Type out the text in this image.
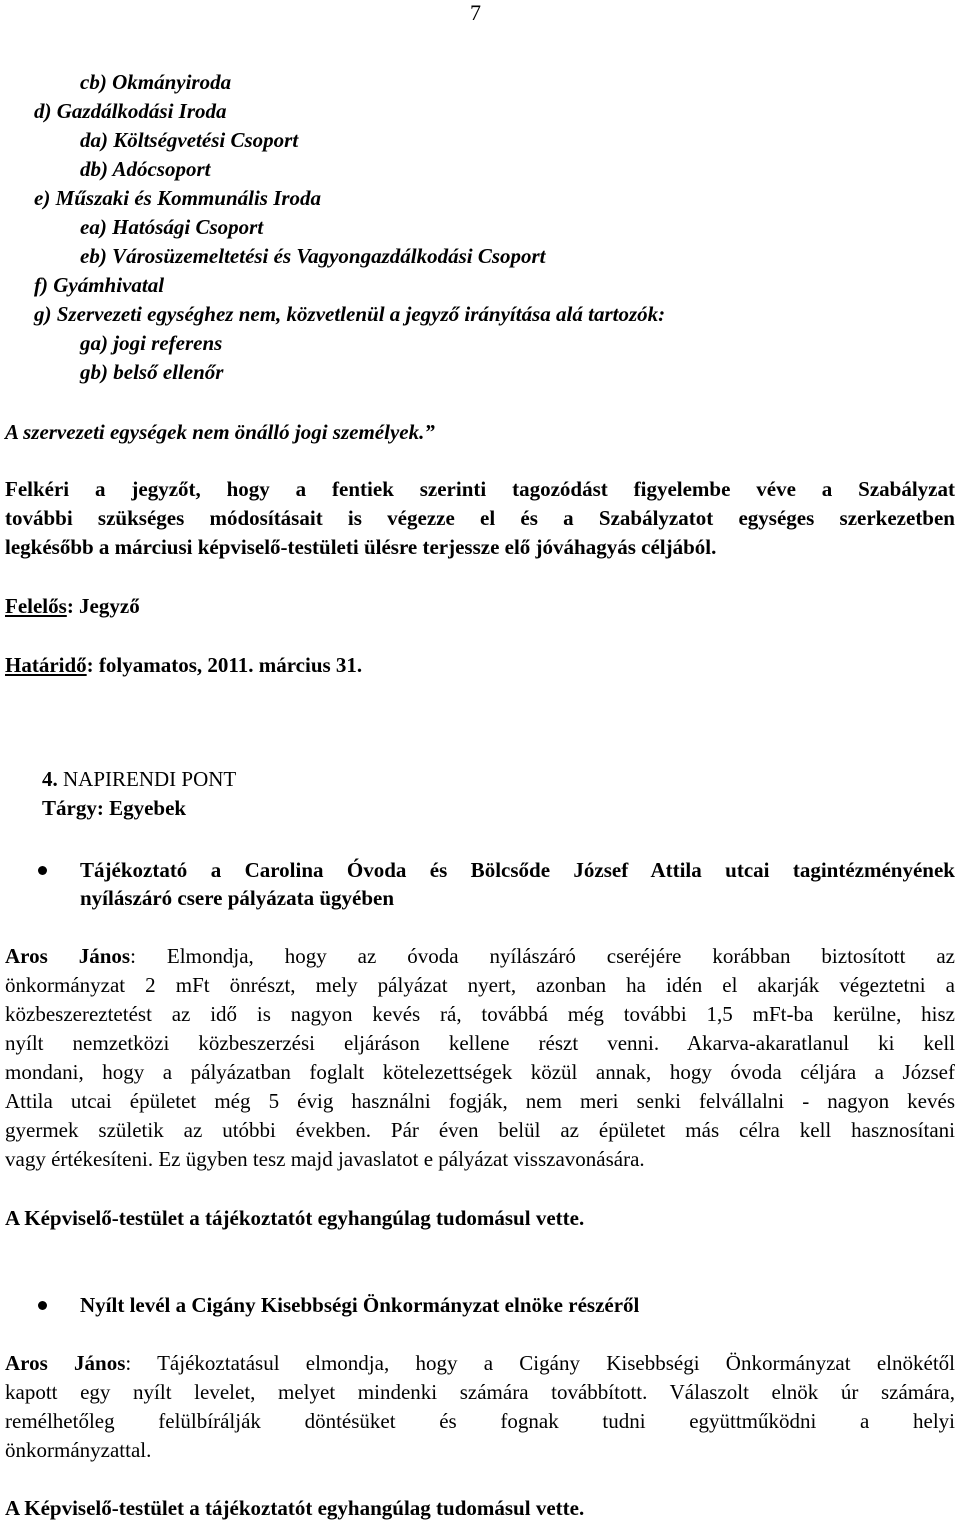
7
cb) Okmányiroda
d) Gazdálkodási Iroda
da) Költségvetési Csoport
db) Adócsoport
e) Műszaki és Kommunális Iroda
ea) Hatósági Csoport
eb) Városüzemeltetési és Vagyongazdálkodási Csoport
f) Gyámhivatal
g) Szervezeti egységhez nem, közvetlenül a jegyző irányítása alá tartozók:
ga) jogi referens
gb) belső ellenőr
A szervezeti egységek nem önálló jogi személyek.”
Felkéri a jegyzőt, hogy a fentiek szerinti tagozódást figyelembe véve a Szabályzat
további szükséges módosításait is végezze el és a Szabályzatot egységes szerkezetben
legkésőbb a márciusi képviselő-testületi ülésre terjessze elő jóváhagyás céljából.
Felelős: Jegyző
Határidő: folyamatos, 2011. március 31.
4. NAPIRENDI PONT
Tárgy: Egyebek
Tájékoztató a Carolina Óvoda és Bölcsőde József Attila utcai tagintézményének
nyílászáró csere pályázata ügyében
Aros János: Elmondja, hogy az óvoda nyílászáró cseréjére korábban biztosított az
önkormányzat 2 mFt önrészt, mely pályázat nyert, azonban ha idén el akarják végeztetni a
közbeszereztetést az idő is nagyon kevés rá, továbbá még további 1,5 mFt-ba kerülne, hisz
nyílt nemzetközi közbeszerzési eljáráson kellene részt venni. Akarva-akaratlanul ki kell
mondani, hogy a pályázatban foglalt kötelezettségek közül annak, hogy óvoda céljára a József
Attila utcai épületet még 5 évig használni fogják, nem meri senki felvállalni - nagyon kevés
gyermek születik az utóbbi években. Pár éven belül az épületet más célra kell hasznosítani
vagy értékesíteni. Ez ügyben tesz majd javaslatot e pályázat visszavonására.
A Képviselő-testület a tájékoztatót egyhangúlag tudomásul vette.
Nyílt levél a Cigány Kisebbségi Önkormányzat elnöke részéről
Aros János: Tájékoztatásul elmondja, hogy a Cigány Kisebbségi Önkormányzat elnökétől
kapott egy nyílt levelet, melyet mindenki számára továbbított. Válaszolt elnök úr számára,
remélhetőleg felülbírálják döntésüket és fognak tudni együttműködni a helyi
önkormányzattal.
A Képviselő-testület a tájékoztatót egyhangúlag tudomásul vette.
